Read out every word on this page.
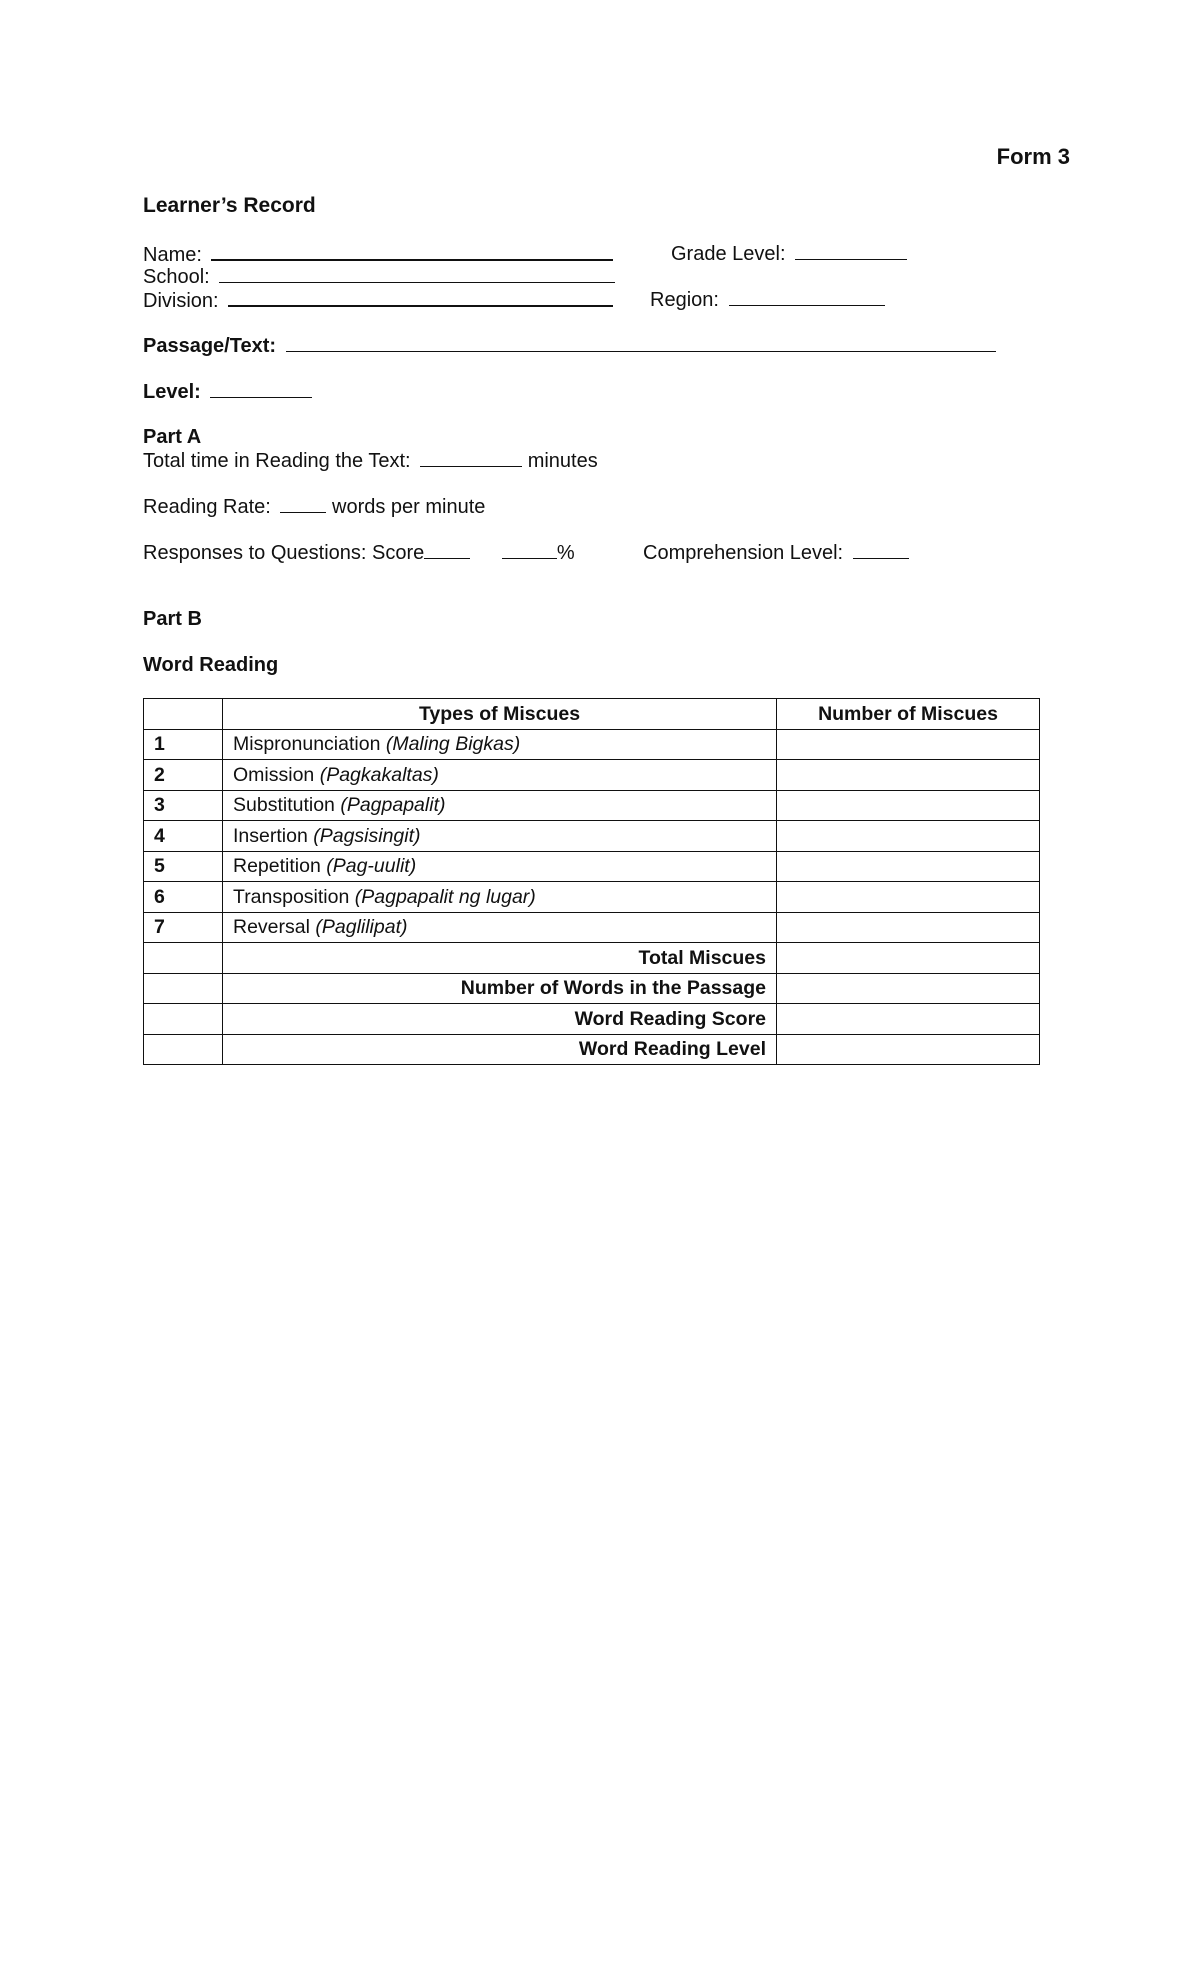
Form 3
Learner’s Record
Name:	Grade Level:
School:
Division:	Region:
Passage/Text:
Level:
Part A
Total time in Reading the Text:	minutes
Reading Rate:	words per minute
Responses to Questions: Score	%	Comprehension Level:
Part B
Word Reading
	Types of Miscues	Number of Miscues
1	Mispronunciation (Maling Bigkas)	
2	Omission (Pagkakaltas)	
3	Substitution (Pagpapalit)	
4	Insertion (Pagsisingit)	
5	Repetition (Pag-uulit)	
6	Transposition (Pagpapalit ng lugar)	
7	Reversal (Paglilipat)	
	Total Miscues	
	Number of Words in the Passage	
	Word Reading Score	
	Word Reading Level	
